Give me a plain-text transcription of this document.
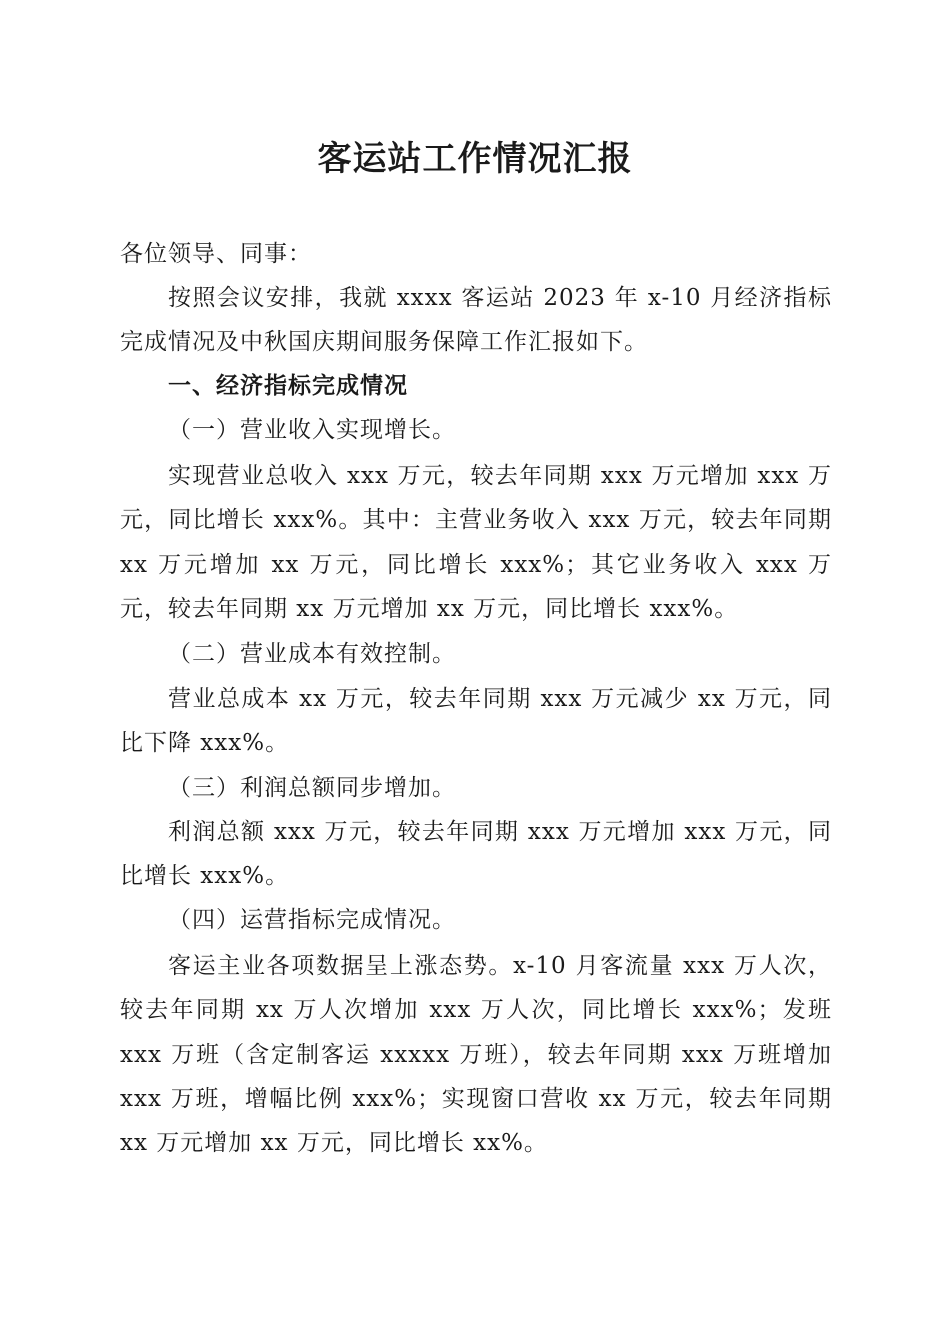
客运站工作情况汇报
各位领导、同事：

按照会议安排，我就 xxxx 客运站 2023 年 x-10 月经济指标完成情况及中秋国庆期间服务保障工作汇报如下。

一、经济指标完成情况
（一）营业收入实现增长。

实现营业总收入 xxx 万元，较去年同期 xxx 万元增加 xxx 万元，同比增长 xxx%。其中：主营业务收入 xxx 万元，较去年同期 xx 万元增加 xx 万元，同比增长 xxx%；其它业务收入 xxx 万元，较去年同期 xx 万元增加 xx 万元，同比增长 xxx%。

（二）营业成本有效控制。

营业总成本 xx 万元，较去年同期 xxx 万元减少 xx 万元，同比下降 xxx%。

（三）利润总额同步增加。

利润总额 xxx 万元，较去年同期 xxx 万元增加 xxx 万元，同比增长 xxx%。

（四）运营指标完成情况。

客运主业各项数据呈上涨态势。x-10 月客流量 xxx 万人次，较去年同期 xx 万人次增加 xxx 万人次，同比增长 xxx%；发班 xxx 万班（含定制客运 xxxxx 万班），较去年同期 xxx 万班增加 xxx 万班，增幅比例 xxx%；实现窗口营收 xx 万元，较去年同期 xx 万元增加 xx 万元，同比增长 xx%。
